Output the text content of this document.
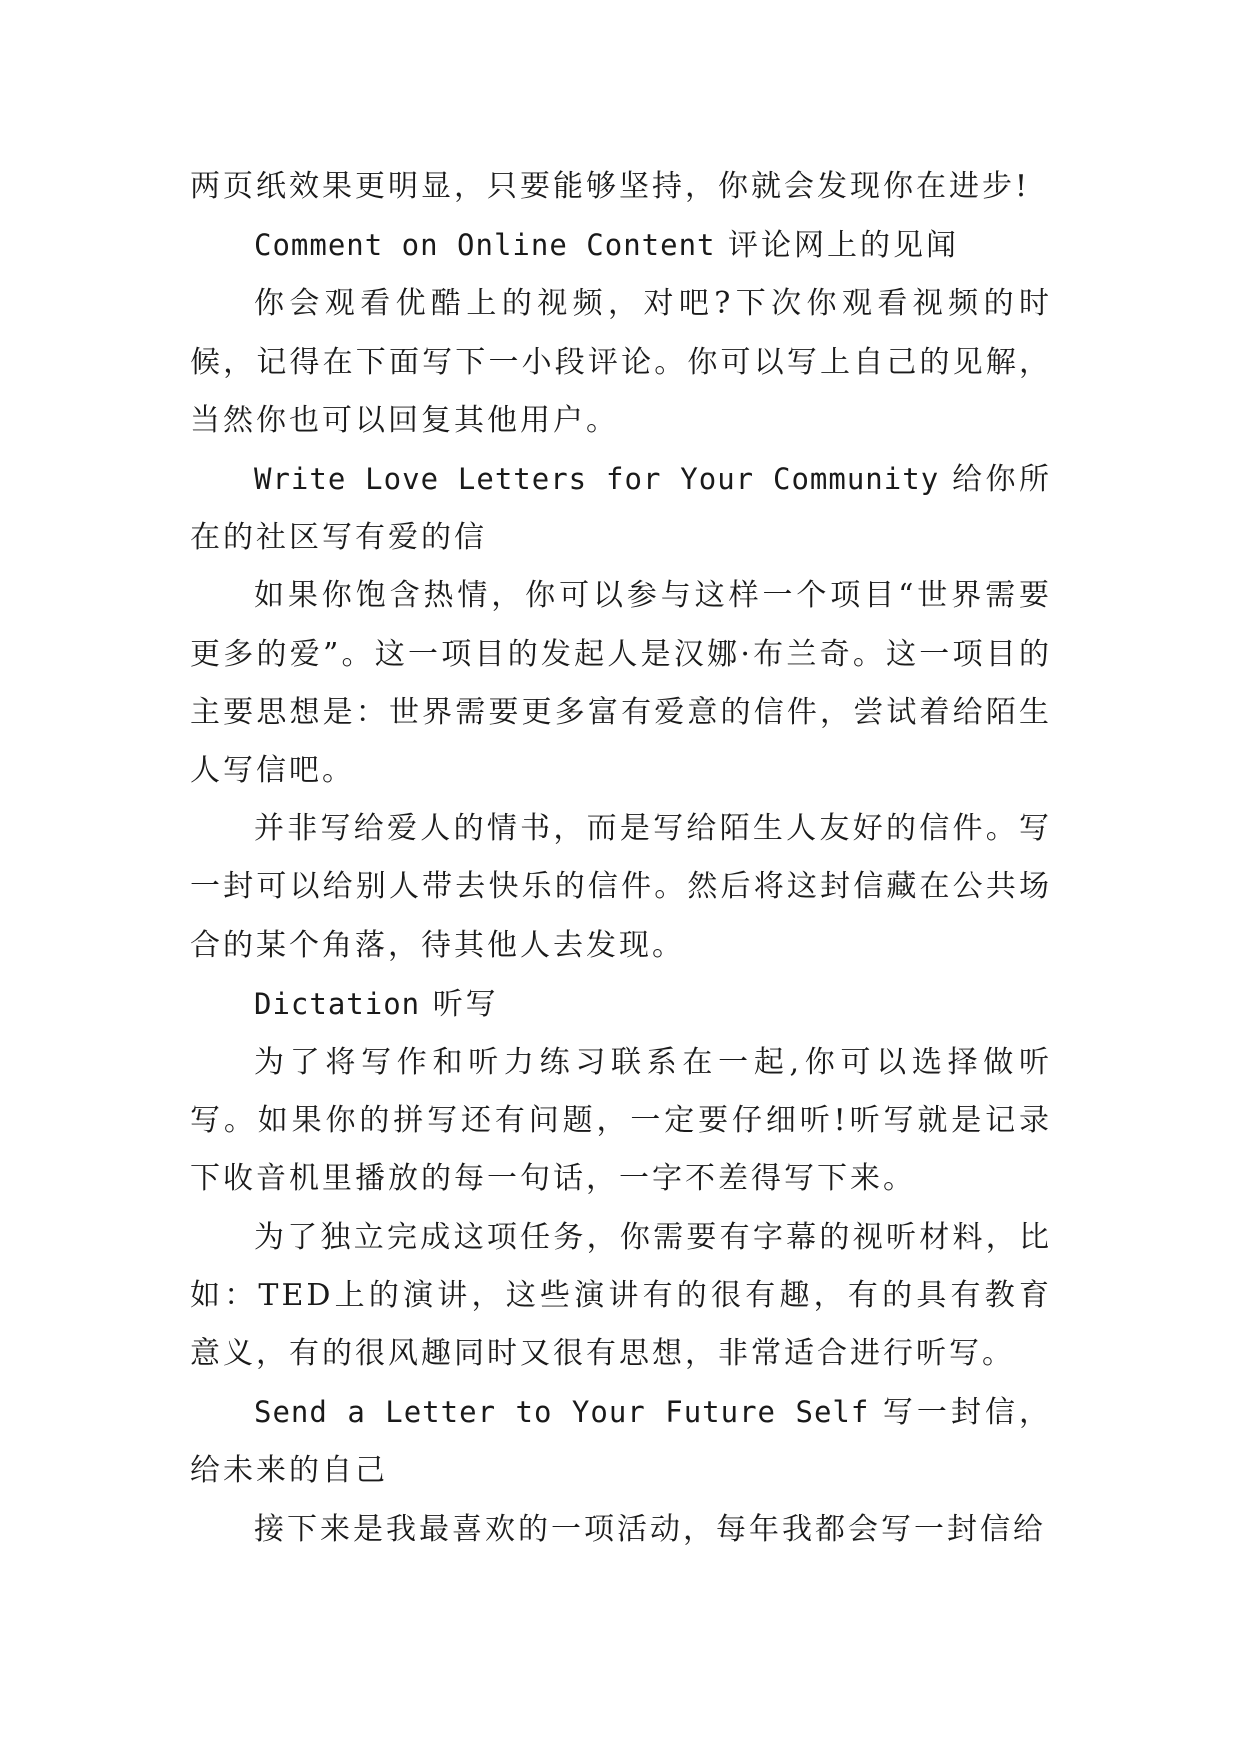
两页纸效果更明显，只要能够坚持，你就会发现你在进步!

Comment on Online Content 评论网上的见闻

你会观看优酷上的视频，对吧?下次你观看视频的时候，记得在下面写下一小段评论。你可以写上自己的见解，当然你也可以回复其他用户。

Write Love Letters for Your Community 给你所在的社区写有爱的信

如果你饱含热情，你可以参与这样一个项目“世界需要更多的爱”。这一项目的发起人是汉娜·布兰奇。这一项目的主要思想是：世界需要更多富有爱意的信件，尝试着给陌生人写信吧。

并非写给爱人的情书，而是写给陌生人友好的信件。写一封可以给别人带去快乐的信件。然后将这封信藏在公共场合的某个角落，待其他人去发现。

Dictation 听写

为了将写作和听力练习联系在一起,你可以选择做听写。如果你的拼写还有问题，一定要仔细听!听写就是记录下收音机里播放的每一句话，一字不差得写下来。

为了独立完成这项任务，你需要有字幕的视听材料，比如：TED上的演讲，这些演讲有的很有趣，有的具有教育意义，有的很风趣同时又很有思想，非常适合进行听写。

Send a Letter to Your Future Self 写一封信，给未来的自己

接下来是我最喜欢的一项活动，每年我都会写一封信给
